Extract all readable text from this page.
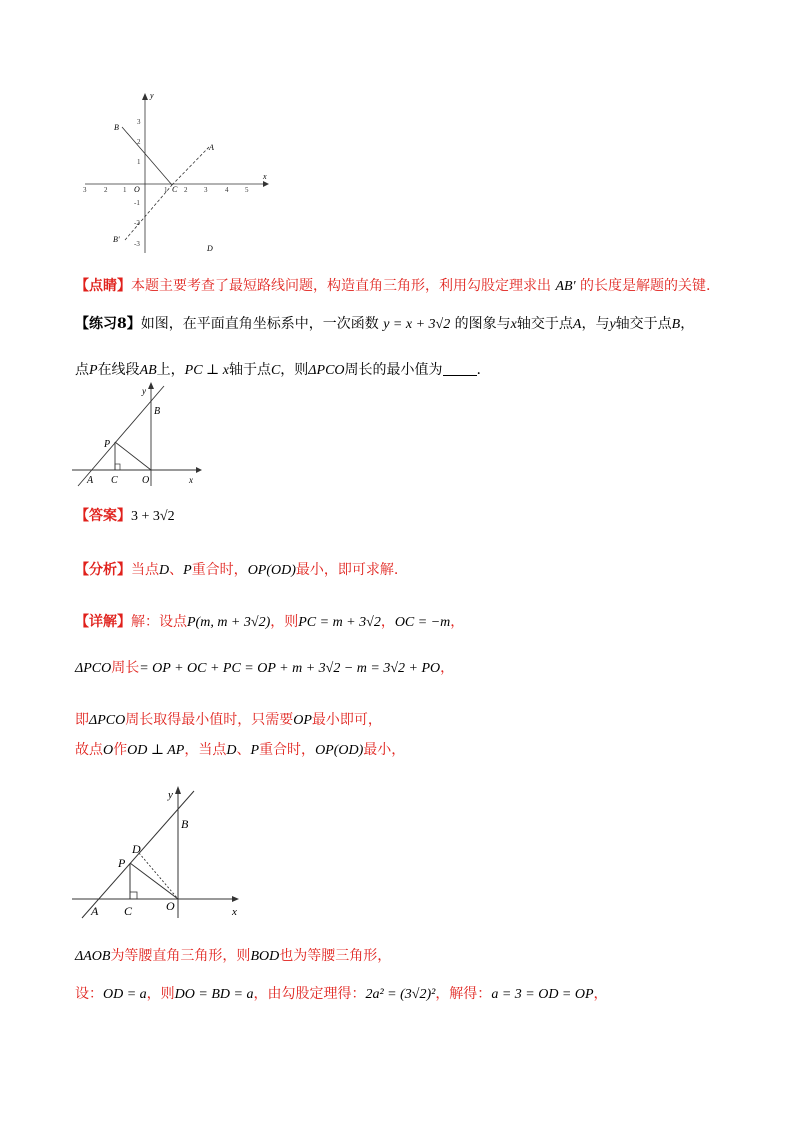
y
x
3	2 1	1 2 3	4 5
3
2
1
-1
-2
-3
B
A
B'
D
C
O
【点睛】本题主要考查了最短路线问题，构造直角三角形，利用勾股定理求出 AB' 的长度是解题的关键.
【练习8】如图，在平面直角坐标系中，一次函数 y = x + 3√2 的图象与x轴交于点A，与y轴交于点B，
点P在线段AB上，PC ⊥ x轴于点C，则ΔPCO周长的最小值为 .
y
x
B
P
A C O
【答案】3 + 3√2
【分析】当点D、P重合时，OP(OD)最小，即可求解.
【详解】解：设点P(m, m + 3√2)，则PC = m + 3√2，OC = −m，
ΔPCO周长= OP + OC + PC = OP + m + 3√2 − m = 3√2 + PO，
即ΔPCO周长取得最小值时，只需要OP最小即可，
故点O作OD ⊥ AP，当点D、P重合时，OP(OD)最小，
y
x
B
D
P
A C	O
ΔAOB为等腰直角三角形，则BOD也为等腰三角形，
设：OD = a，则DO = BD = a，由勾股定理得：2a² = (3√2)²，解得：a = 3 = OD = OP，
